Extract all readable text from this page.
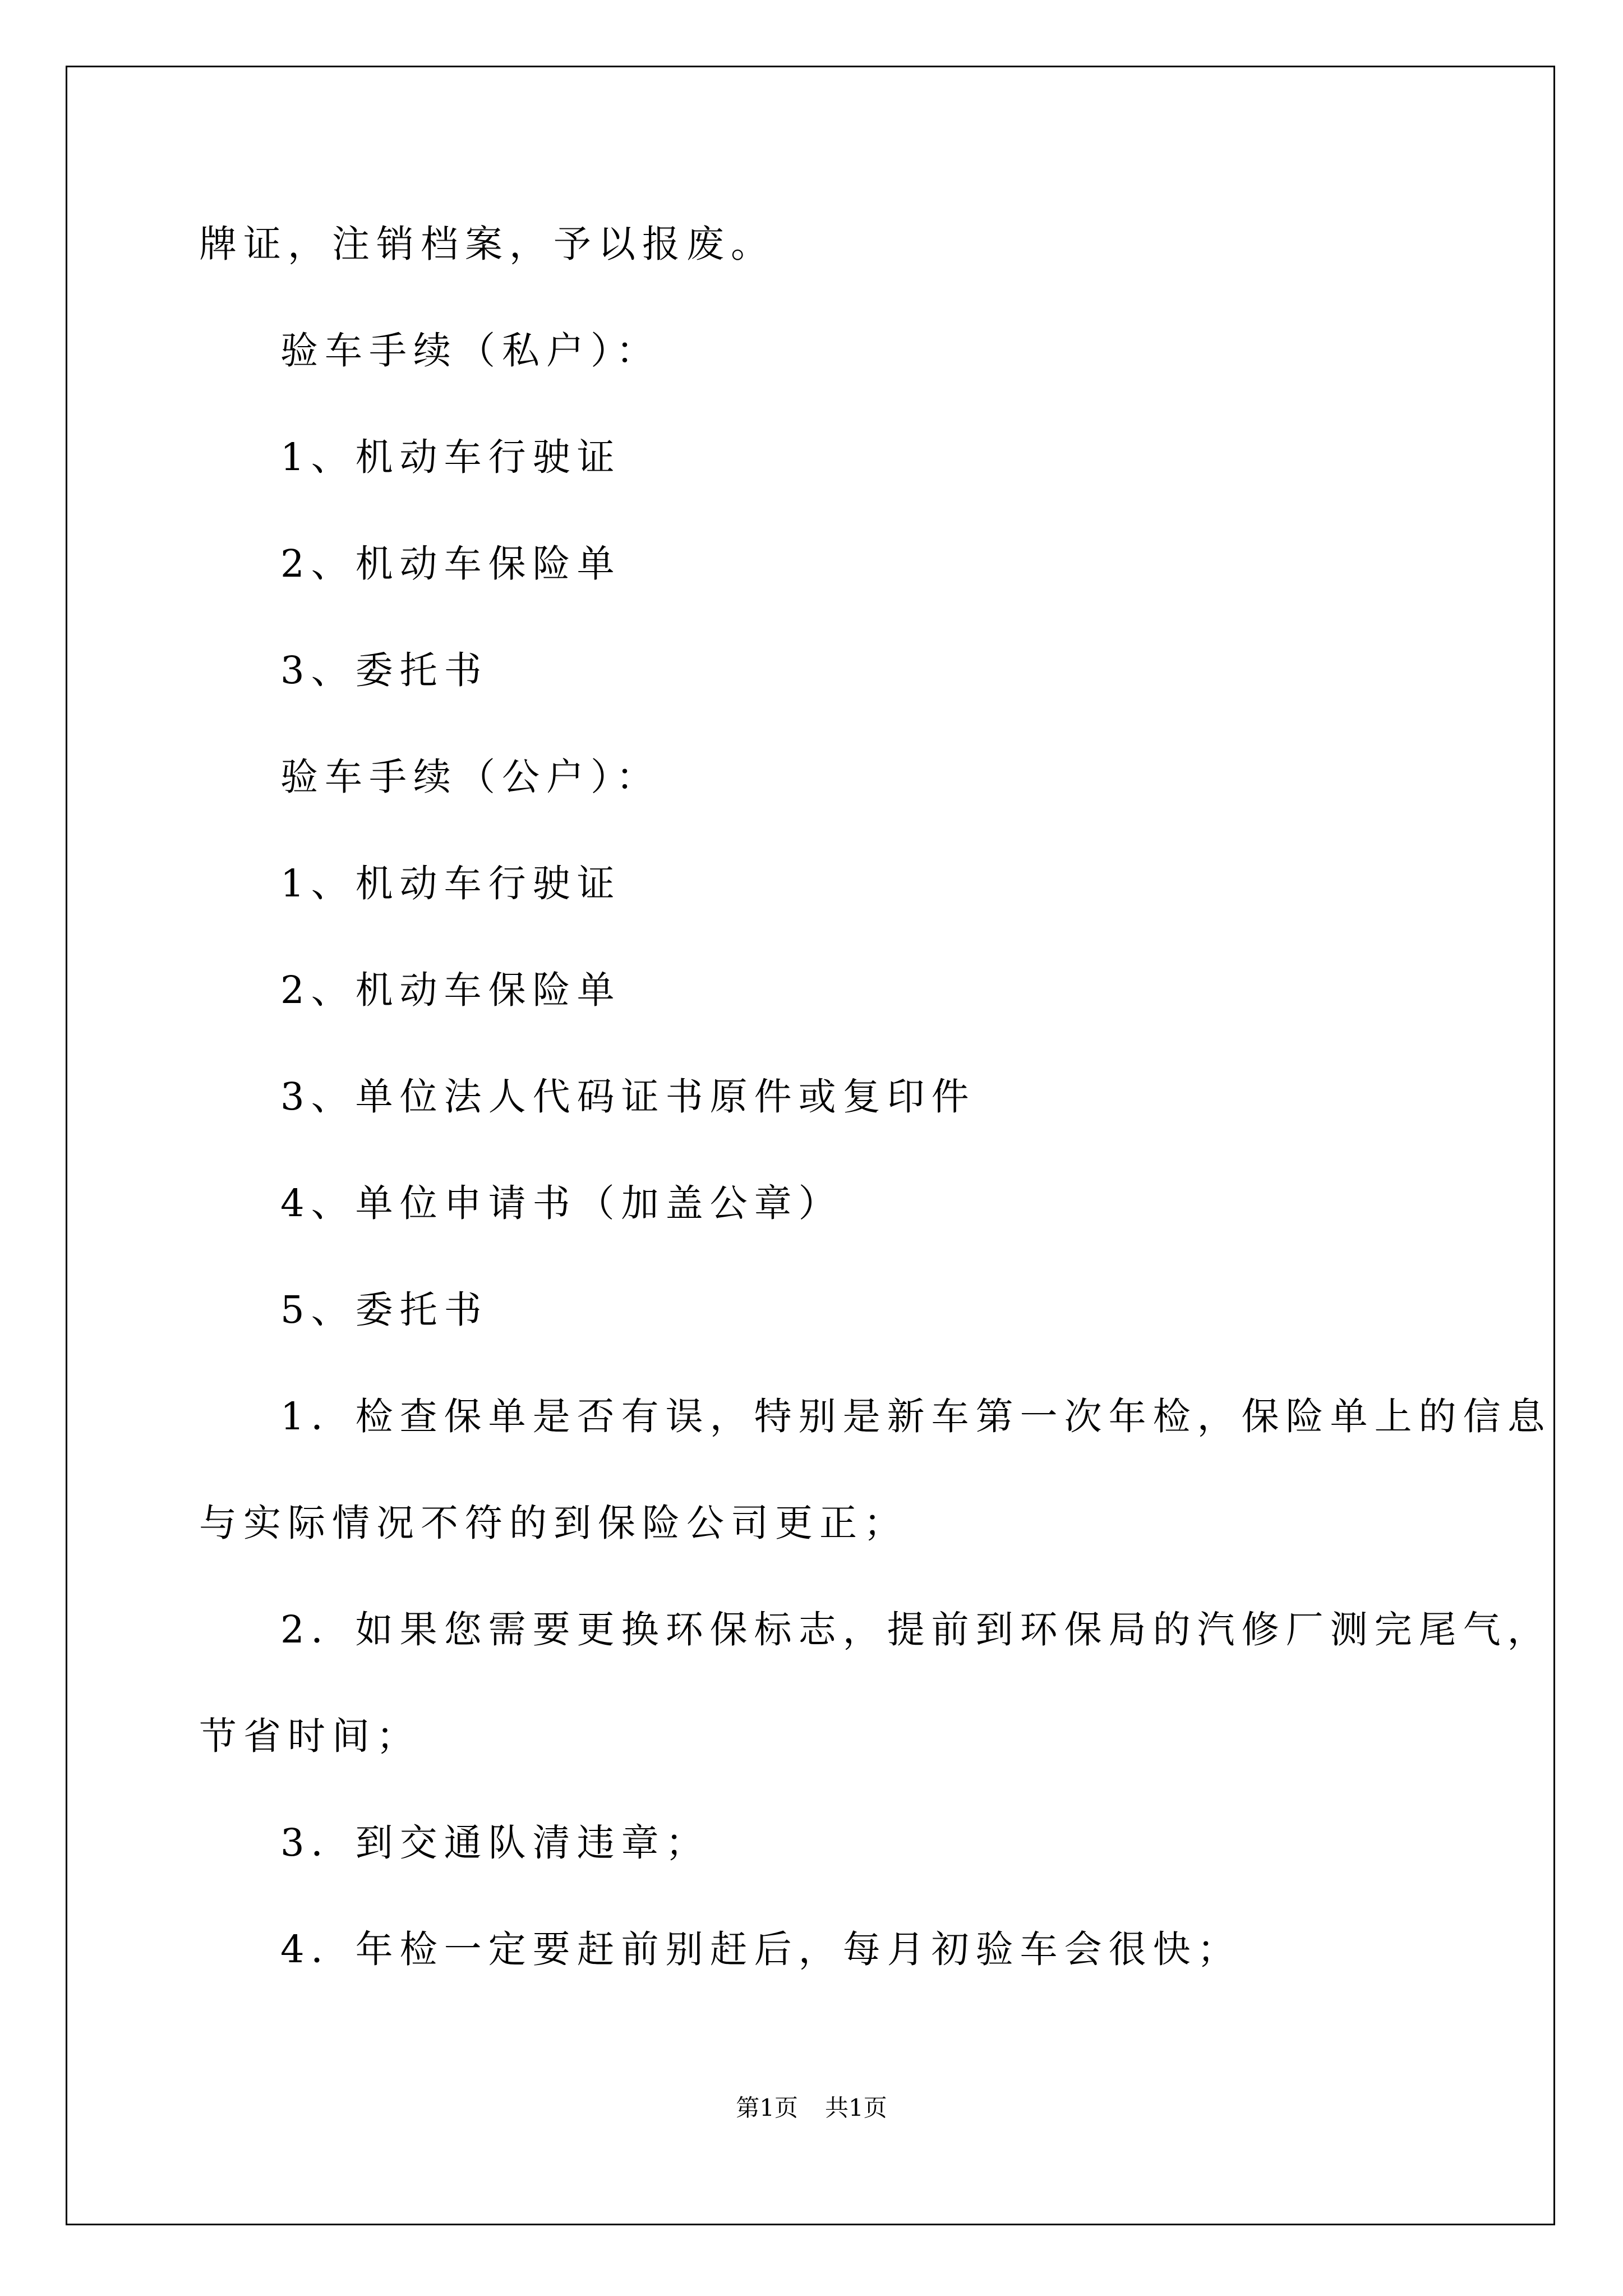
牌证，注销档案，予以报废。
验车手续（私户）：
1、机动车行驶证
2、机动车保险单
3、委托书
验车手续（公户）：
1、机动车行驶证
2、机动车保险单
3、单位法人代码证书原件或复印件
4、单位申请书（加盖公章）
5、委托书
1．检查保单是否有误，特别是新车第一次年检，保险单上的信息
与实际情况不符的到保险公司更正；
2．如果您需要更换环保标志，提前到环保局的汽修厂测完尾气，
节省时间；
3．到交通队清违章；
4．年检一定要赶前别赶后，每月初验车会很快；
第1页 共1页
